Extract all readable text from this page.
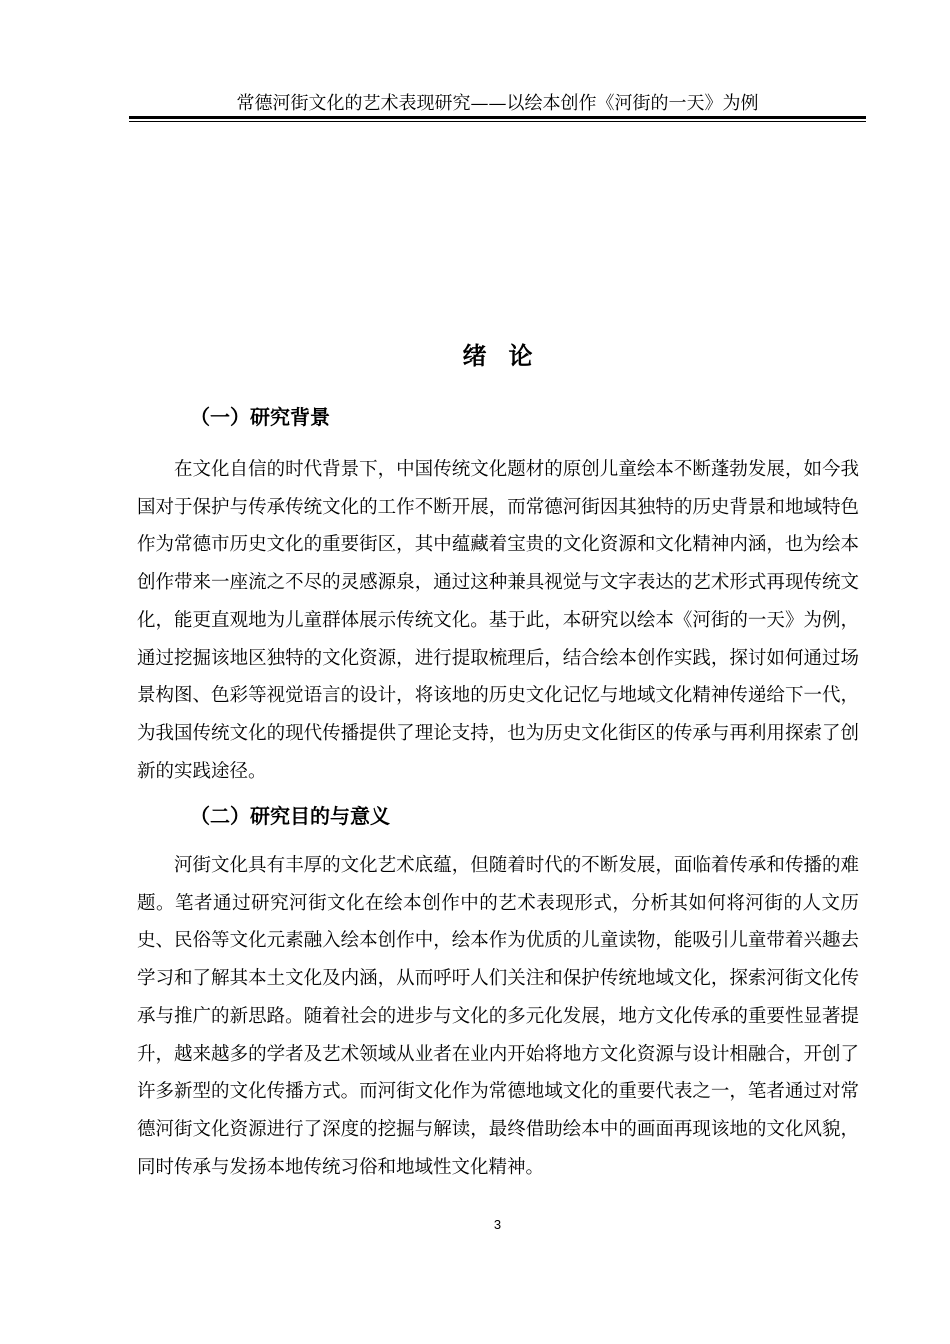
常德河街文化的艺术表现研究——以绘本创作《河街的一天》为例
绪 论
（一）研究背景

在文化自信的时代背景下，中国传统文化题材的原创儿童绘本不断蓬勃发展，如今我国对于保护与传承传统文化的工作不断开展，而常德河街因其独特的历史背景和地域特色作为常德市历史文化的重要街区，其中蕴藏着宝贵的文化资源和文化精神内涵，也为绘本创作带来一座流之不尽的灵感源泉，通过这种兼具视觉与文字表达的艺术形式再现传统文化，能更直观地为儿童群体展示传统文化。基于此，本研究以绘本《河街的一天》为例，通过挖掘该地区独特的文化资源，进行提取梳理后，结合绘本创作实践，探讨如何通过场景构图、色彩等视觉语言的设计，将该地的历史文化记忆与地域文化精神传递给下一代，为我国传统文化的现代传播提供了理论支持，也为历史文化街区的传承与再利用探索了创新的实践途径。

（二）研究目的与意义

河街文化具有丰厚的文化艺术底蕴，但随着时代的不断发展，面临着传承和传播的难题。笔者通过研究河街文化在绘本创作中的艺术表现形式，分析其如何将河街的人文历史、民俗等文化元素融入绘本创作中，绘本作为优质的儿童读物，能吸引儿童带着兴趣去学习和了解其本土文化及内涵，从而呼吁人们关注和保护传统地域文化，探索河街文化传承与推广的新思路。随着社会的进步与文化的多元化发展，地方文化传承的重要性显著提升，越来越多的学者及艺术领域从业者在业内开始将地方文化资源与设计相融合，开创了许多新型的文化传播方式。而河街文化作为常德地域文化的重要代表之一，笔者通过对常德河街文化资源进行了深度的挖掘与解读，最终借助绘本中的画面再现该地的文化风貌，同时传承与发扬本地传统习俗和地域性文化精神。

3
